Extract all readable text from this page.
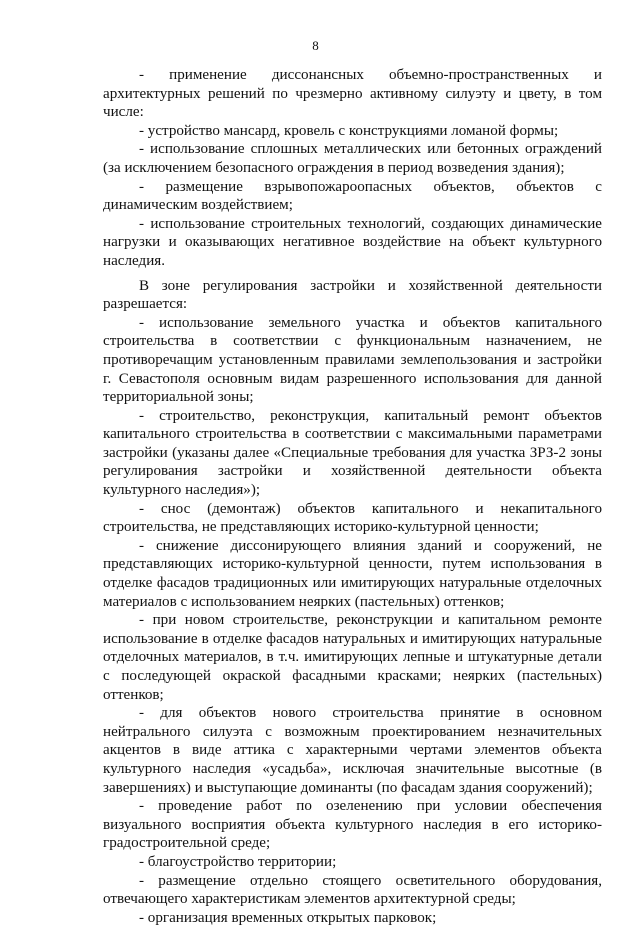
8

- применение диссонансных объемно-пространственных и архитектурных решений по чрезмерно активному силуэту и цвету, в том числе:

- устройство мансард, кровель с конструкциями ломаной формы;

- использование сплошных металлических или бетонных ограждений (за исключением безопасного ограждения в период возведения здания);

- размещение взрывопожароопасных объектов, объектов с динамическим воздействием;

- использование строительных технологий, создающих динамические нагрузки и оказывающих негативное воздействие на объект культурного наследия.

В зоне регулирования застройки и хозяйственной деятельности разрешается:

- использование земельного участка и объектов капитального строительства в соответствии с функциональным назначением, не противоречащим установленным правилами землепользования и застройки г. Севастополя основным видам разрешенного использования для данной территориальной зоны;

- строительство, реконструкция, капитальный ремонт объектов капитального строительства в соответствии с максимальными параметрами застройки (указаны далее «Специальные требования для участка ЗРЗ-2 зоны регулирования застройки и хозяйственной деятельности объекта культурного наследия»);

- снос (демонтаж) объектов капитального и некапитального строительства, не представляющих историко-культурной ценности;

- снижение диссонирующего влияния зданий и сооружений, не представляющих историко-культурной ценности, путем использования в отделке фасадов традиционных или имитирующих натуральные отделочных материалов с использованием неярких (пастельных) оттенков;

- при новом строительстве, реконструкции и капитальном ремонте использование в отделке фасадов натуральных и имитирующих натуральные отделочных материалов, в т.ч. имитирующих лепные и штукатурные детали с последующей окраской фасадными красками; неярких (пастельных) оттенков;

- для объектов нового строительства принятие в основном нейтрального силуэта с возможным проектированием незначительных акцентов в виде аттика с характерными чертами элементов объекта культурного наследия «усадьба», исключая значительные высотные (в завершениях) и выступающие доминанты (по фасадам здания сооружений);

- проведение работ по озеленению при условии обеспечения визуального восприятия объекта культурного наследия в его историко-градостроительной среде;

- благоустройство территории;

- размещение отдельно стоящего осветительного оборудования, отвечающего характеристикам элементов архитектурной среды;

- организация временных открытых парковок;
